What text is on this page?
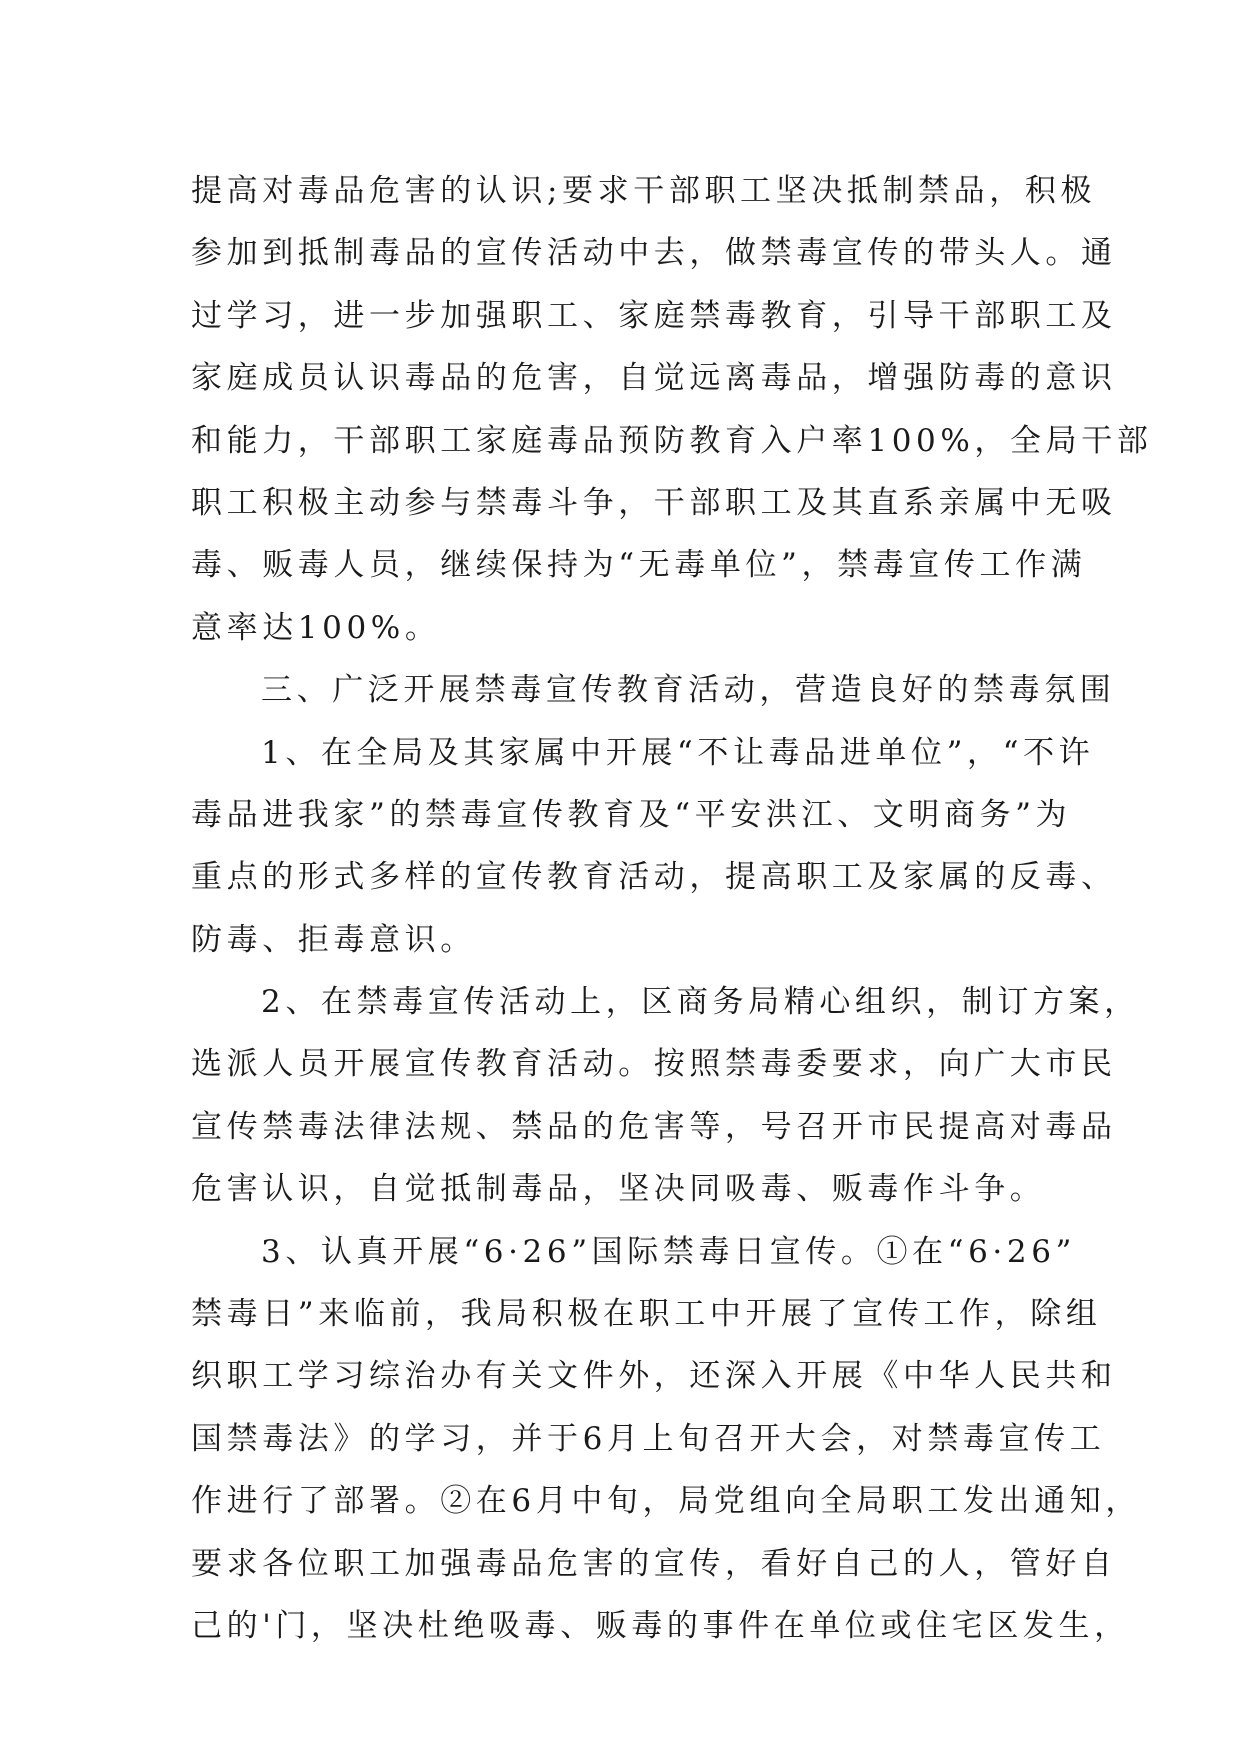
提高对毒品危害的认识;要求干部职工坚决抵制禁品，积极
参加到抵制毒品的宣传活动中去，做禁毒宣传的带头人。通
过学习，进一步加强职工、家庭禁毒教育，引导干部职工及
家庭成员认识毒品的危害，自觉远离毒品，增强防毒的意识
和能力，干部职工家庭毒品预防教育入户率100%，全局干部
职工积极主动参与禁毒斗争，干部职工及其直系亲属中无吸
毒、贩毒人员，继续保持为“无毒单位”，禁毒宣传工作满
意率达100%。
三、广泛开展禁毒宣传教育活动，营造良好的禁毒氛围
1、在全局及其家属中开展“不让毒品进单位”，“不许
毒品进我家”的禁毒宣传教育及“平安洪江、文明商务”为
重点的形式多样的宣传教育活动，提高职工及家属的反毒、
防毒、拒毒意识。
2、在禁毒宣传活动上，区商务局精心组织，制订方案，
选派人员开展宣传教育活动。按照禁毒委要求，向广大市民
宣传禁毒法律法规、禁品的危害等，号召开市民提高对毒品
危害认识，自觉抵制毒品，坚决同吸毒、贩毒作斗争。
3、认真开展“6·26”国际禁毒日宣传。①在“6·26”
禁毒日”来临前，我局积极在职工中开展了宣传工作，除组
织职工学习综治办有关文件外，还深入开展《中华人民共和
国禁毒法》的学习，并于6月上旬召开大会，对禁毒宣传工
作进行了部署。②在6月中旬，局党组向全局职工发出通知，
要求各位职工加强毒品危害的宣传，看好自己的人，管好自
己的'门，坚决杜绝吸毒、贩毒的事件在单位或住宅区发生，
